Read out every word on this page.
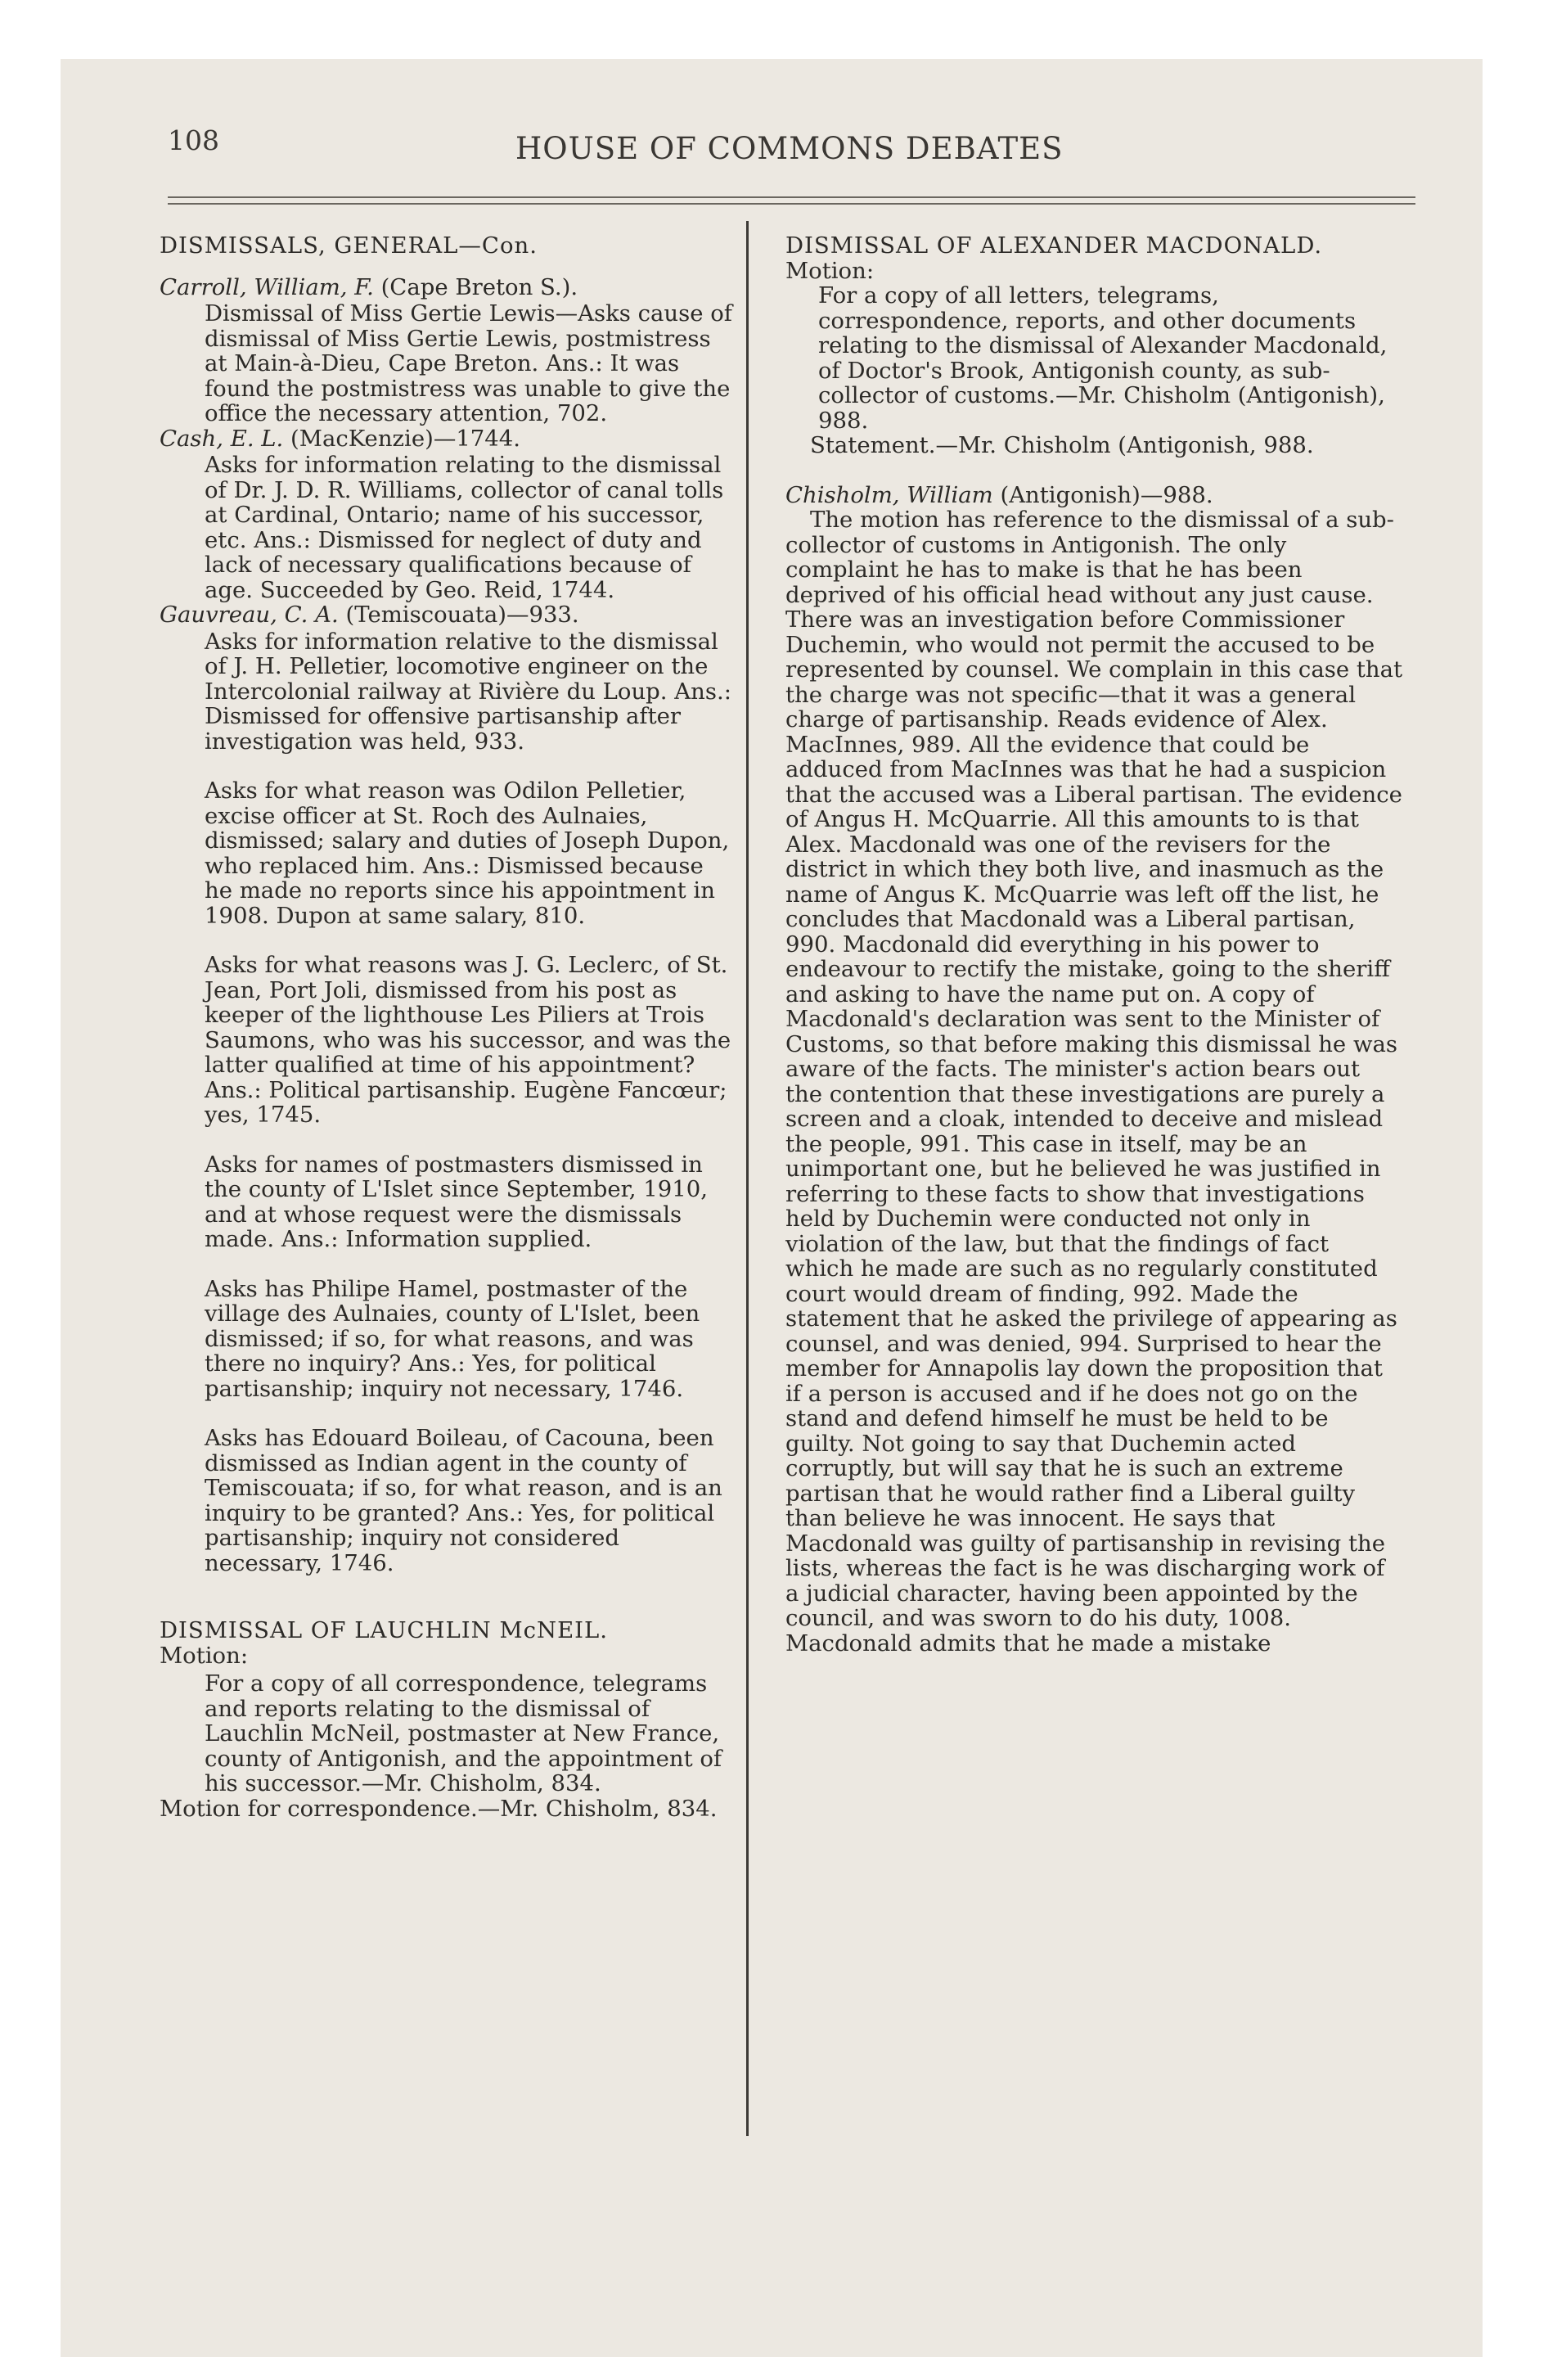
108	HOUSE OF COMMONS DEBATES

DISMISSALS, GENERAL—Con.

Carroll, William, F. (Cape Breton S.).

Dismissal of Miss Gertie Lewis—Asks cause of dismissal of Miss Gertie Lewis, postmistress at Main-à-Dieu, Cape Breton. Ans.: It was found the postmistress was unable to give the office the necessary attention, 702.

Cash, E. L. (MacKenzie)—1744.

Asks for information relating to the dismissal of Dr. J. D. R. Williams, collector of canal tolls at Cardinal, Ontario; name of his successor, etc. Ans.: Dismissed for neglect of duty and lack of necessary qualifications because of age. Succeeded by Geo. Reid, 1744.

Gauvreau, C. A. (Temiscouata)—933.

Asks for information relative to the dismissal of J. H. Pelletier, locomotive engineer on the Intercolonial railway at Rivière du Loup. Ans.: Dismissed for offensive partisanship after investigation was held, 933.

Asks for what reason was Odilon Pelletier, excise officer at St. Roch des Aulnaies, dismissed; salary and duties of Joseph Dupon, who replaced him. Ans.: Dismissed because he made no reports since his appointment in 1908. Dupon at same salary, 810.

Asks for what reasons was J. G. Leclerc, of St. Jean, Port Joli, dismissed from his post as keeper of the lighthouse Les Piliers at Trois Saumons, who was his successor, and was the latter qualified at time of his appointment? Ans.: Political partisanship. Eugène Fancœur; yes, 1745.

Asks for names of postmasters dismissed in the county of L'Islet since September, 1910, and at whose request were the dismissals made. Ans.: Information supplied.

Asks has Philipe Hamel, postmaster of the village des Aulnaies, county of L'Islet, been dismissed; if so, for what reasons, and was there no inquiry? Ans.: Yes, for political partisanship; inquiry not necessary, 1746.

Asks has Edouard Boileau, of Cacouna, been dismissed as Indian agent in the county of Temiscouata; if so, for what reason, and is an inquiry to be granted? Ans.: Yes, for political partisanship; inquiry not considered necessary, 1746.

DISMISSAL OF LAUCHLIN McNEIL.

Motion:

For a copy of all correspondence, telegrams and reports relating to the dismissal of Lauchlin McNeil, postmaster at New France, county of Antigonish, and the appointment of his successor.—Mr. Chisholm, 834.

Motion for correspondence.—Mr. Chisholm, 834.

DISMISSAL OF ALEXANDER MACDONALD.

Motion:

For a copy of all letters, telegrams, correspondence, reports, and other documents relating to the dismissal of Alexander Macdonald, of Doctor's Brook, Antigonish county, as sub-collector of customs.—Mr. Chisholm (Antigonish), 988.

Statement.—Mr. Chisholm (Antigonish, 988.

Chisholm, William (Antigonish)—988.

The motion has reference to the dismissal of a sub-collector of customs in Antigonish. The only complaint he has to make is that he has been deprived of his official head without any just cause. There was an investigation before Commissioner Duchemin, who would not permit the accused to be represented by counsel. We complain in this case that the charge was not specific—that it was a general charge of partisanship. Reads evidence of Alex. MacInnes, 989. All the evidence that could be adduced from MacInnes was that he had a suspicion that the accused was a Liberal partisan. The evidence of Angus H. McQuarrie. All this amounts to is that Alex. Macdonald was one of the revisers for the district in which they both live, and inasmuch as the name of Angus K. McQuarrie was left off the list, he concludes that Macdonald was a Liberal partisan, 990. Macdonald did everything in his power to endeavour to rectify the mistake, going to the sheriff and asking to have the name put on. A copy of Macdonald's declaration was sent to the Minister of Customs, so that before making this dismissal he was aware of the facts. The minister's action bears out the contention that these investigations are purely a screen and a cloak, intended to deceive and mislead the people, 991. This case in itself, may be an unimportant one, but he believed he was justified in referring to these facts to show that investigations held by Duchemin were conducted not only in violation of the law, but that the findings of fact which he made are such as no regularly constituted court would dream of finding, 992. Made the statement that he asked the privilege of appearing as counsel, and was denied, 994. Surprised to hear the member for Annapolis lay down the proposition that if a person is accused and if he does not go on the stand and defend himself he must be held to be guilty. Not going to say that Duchemin acted corruptly, but will say that he is such an extreme partisan that he would rather find a Liberal guilty than believe he was innocent. He says that Macdonald was guilty of partisanship in revising the lists, whereas the fact is he was discharging work of a judicial character, having been appointed by the council, and was sworn to do his duty, 1008. Macdonald admits that he made a mistake
